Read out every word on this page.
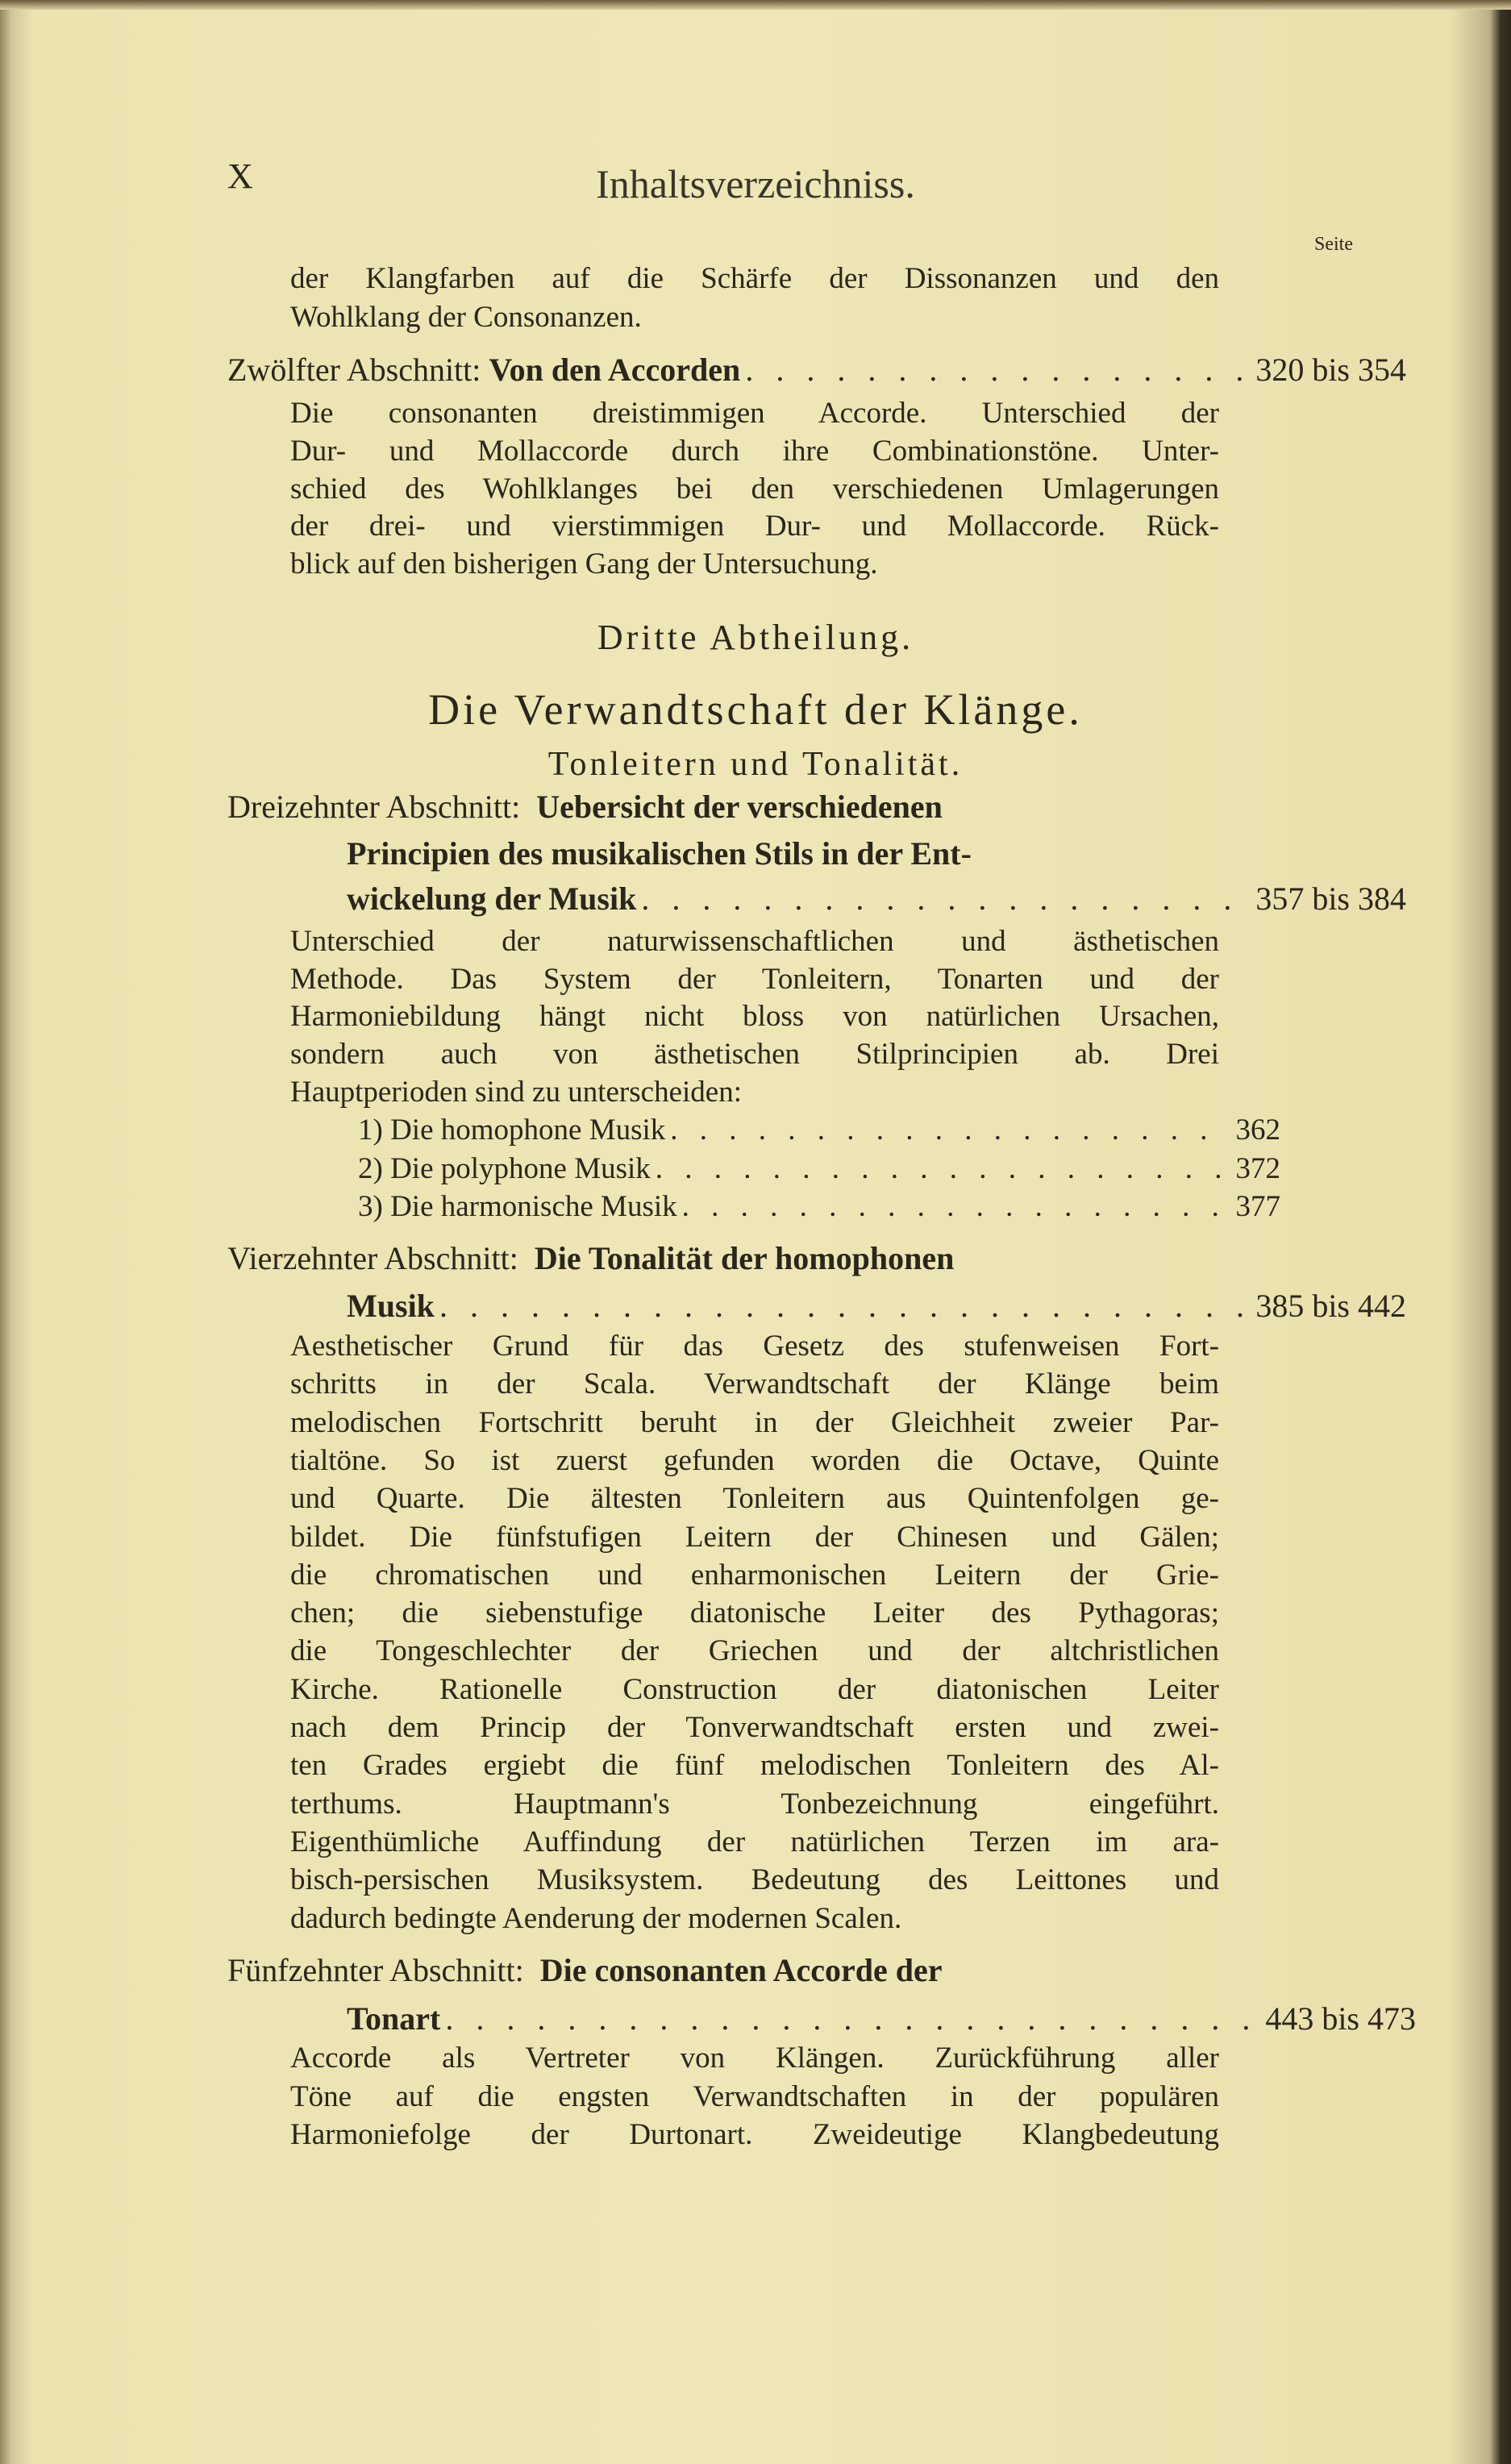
X	Inhaltsverzeichniss.
Seite
der Klangfarben auf die Schärfe der Dissonanzen und den
Wohlklang der Consonanzen.
Zwölfter Abschnitt:
Von den Accorden . . .	320 bis 354
Die consonanten dreistimmigen Accorde. Unterschied der
Dur- und Mollaccorde durch ihre Combinationstöne. Unter-
schied des Wohlklanges bei den verschiedenen Umlagerungen
der drei- und vierstimmigen Dur- und Mollaccorde. Rück-
blick auf den bisherigen Gang der Untersuchung.
Dritte Abtheilung.
Die Verwandtschaft der Klänge.
Tonleitern und Tonalität.
Dreizehnter Abschnitt: Uebersicht der verschiedenen
Principien des musikalischen Stils in der Ent-
wickelung der Musik . . .	357 bis 384
Unterschied der naturwissenschaftlichen und ästhetischen
Methode. Das System der Tonleitern, Tonarten und der
Harmoniebildung hängt nicht bloss von natürlichen Ursachen,
sondern auch von ästhetischen Stilprincipien ab. Drei
Hauptperioden sind zu unterscheiden:
1) Die homophone Musik . . .	362
2) Die polyphone Musik . . .	372
3) Die harmonische Musik . . .	377
Vierzehnter Abschnitt: Die Tonalität der homophonen
Musik . . .	385 bis 442
Aesthetischer Grund für das Gesetz des stufenweisen Fort-
schritts in der Scala. Verwandtschaft der Klänge beim
melodischen Fortschritt beruht in der Gleichheit zweier Par-
tialtöne. So ist zuerst gefunden worden die Octave, Quinte
und Quarte. Die ältesten Tonleitern aus Quintenfolgen ge-
bildet. Die fünfstufigen Leitern der Chinesen und Gälen;
die chromatischen und enharmonischen Leitern der Grie-
chen; die siebenstufige diatonische Leiter des Pythagoras;
die Tongeschlechter der Griechen und der altchristlichen
Kirche. Rationelle Construction der diatonischen Leiter
nach dem Princip der Tonverwandtschaft ersten und zwei-
ten Grades ergiebt die fünf melodischen Tonleitern des Al-
terthums. Hauptmann's Tonbezeichnung eingeführt.
Eigenthümliche Auffindung der natürlichen Terzen im ara-
bisch-persischen Musiksystem. Bedeutung des Leittones und
dadurch bedingte Aenderung der modernen Scalen.
Fünfzehnter Abschnitt: Die consonanten Accorde der
Tonart . . .	443 bis 473
Accorde als Vertreter von Klängen. Zurückführung aller
Töne auf die engsten Verwandtschaften in der populären
Harmoniefolge der Durtonart. Zweideutige Klangbedeutung
